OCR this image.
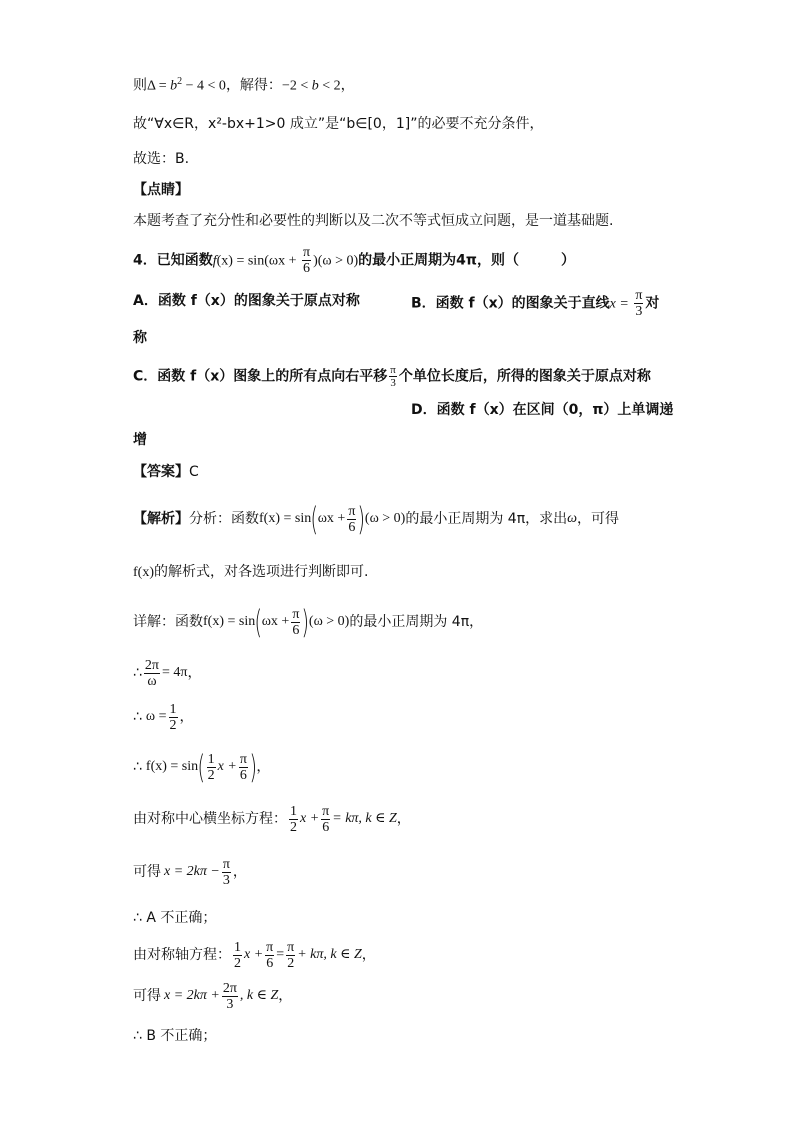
则$\Delta = b^2 - 4 < 0$，解得：−2 < b < 2，
故“∀x∈R，x²-bx+1>0 成立”是“b∈[0，1]”的必要不充分条件，
故选：B.
【点睛】
本题考查了充分性和必要性的判断以及二次不等式恒成立问题，是一道基础题.
4．已知函数$f(x) = \sin(\omega x + \frac{\pi}{6} )(\omega > 0)$的最小正周期为4π，则（　　　）
A．函数 f（x）的图象关于原点对称	B．函数 f（x）的图象关于直线$x = \frac{\pi}{3}$ 对
称
C．函数 f（x）图象上的所有点向右平移 $\frac{\pi}{3}$ 个单位长度后，所得的图象关于原点对称
D．函数 f（x）在区间（0，π）上单调递
增
【答案】C
【解析】 分析：函数 f(x) = sin ( $\omega x + \frac{\pi}{6}$ ) (ω > 0) 的最小正周期为 4π，求出 ω ，可得
f(x)的解析式，对各选项进行判断即可.
详解：函数 f(x) = sin ( $\omega x + \frac{\pi}{6}$ ) (ω > 0) 的最小正周期为 4π，
∴ $\frac{2\pi}{\omega} = 4\pi$ ，
∴ $\omega = \frac{1}{2}$ ，
∴ f(x) = sin ( $\frac{1}{2}$ $x + \frac{\pi}{6}$ ) ，
由对称中心横坐标方程： $\frac{1}{2}$ $x + \frac{\pi}{6} = k\pi$, k ∈ Z ，
可得 $x = 2k\pi - \frac{\pi}{3}$ ，
∴ A 不正确；
由对称轴方程： $\frac{1}{2}$ $x + \frac{\pi}{6} = \frac{\pi}{2} + k\pi$, k ∈ Z ，
可得 $x = 2k\pi + \frac{2\pi}{3}$ , k ∈ Z ，
∴ B 不正确；
